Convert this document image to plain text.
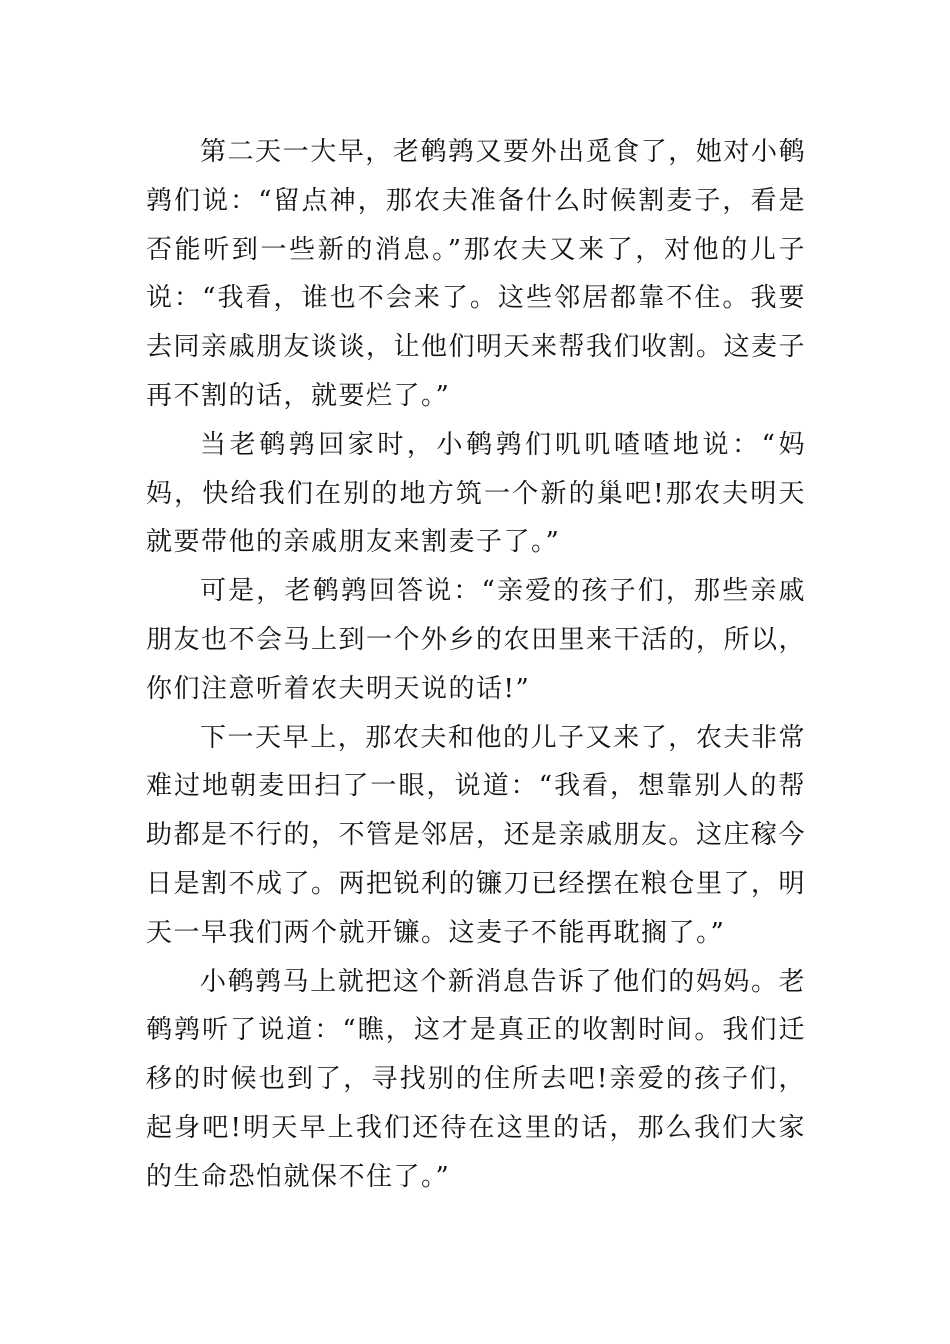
第二天一大早，老鹌鹑又要外出觅食了，她对小鹌鹑们说：“留点神，那农夫准备什么时候割麦子，看是否能听到一些新的消息。”那农夫又来了，对他的儿子说：“我看，谁也不会来了。这些邻居都靠不住。我要去同亲戚朋友谈谈，让他们明天来帮我们收割。这麦子再不割的话，就要烂了。”

当老鹌鹑回家时，小鹌鹑们叽叽喳喳地说：“妈妈，快给我们在别的地方筑一个新的巢吧!那农夫明天就要带他的亲戚朋友来割麦子了。”

可是，老鹌鹑回答说：“亲爱的孩子们，那些亲戚朋友也不会马上到一个外乡的农田里来干活的，所以，你们注意听着农夫明天说的话!”

下一天早上，那农夫和他的儿子又来了，农夫非常难过地朝麦田扫了一眼，说道：“我看，想靠别人的帮助都是不行的，不管是邻居，还是亲戚朋友。这庄稼今日是割不成了。两把锐利的镰刀已经摆在粮仓里了，明天一早我们两个就开镰。这麦子不能再耽搁了。”

小鹌鹑马上就把这个新消息告诉了他们的妈妈。老鹌鹑听了说道：“瞧，这才是真正的收割时间。我们迁移的时候也到了，寻找别的住所去吧!亲爱的孩子们，起身吧!明天早上我们还待在这里的话，那么我们大家的生命恐怕就保不住了。”
